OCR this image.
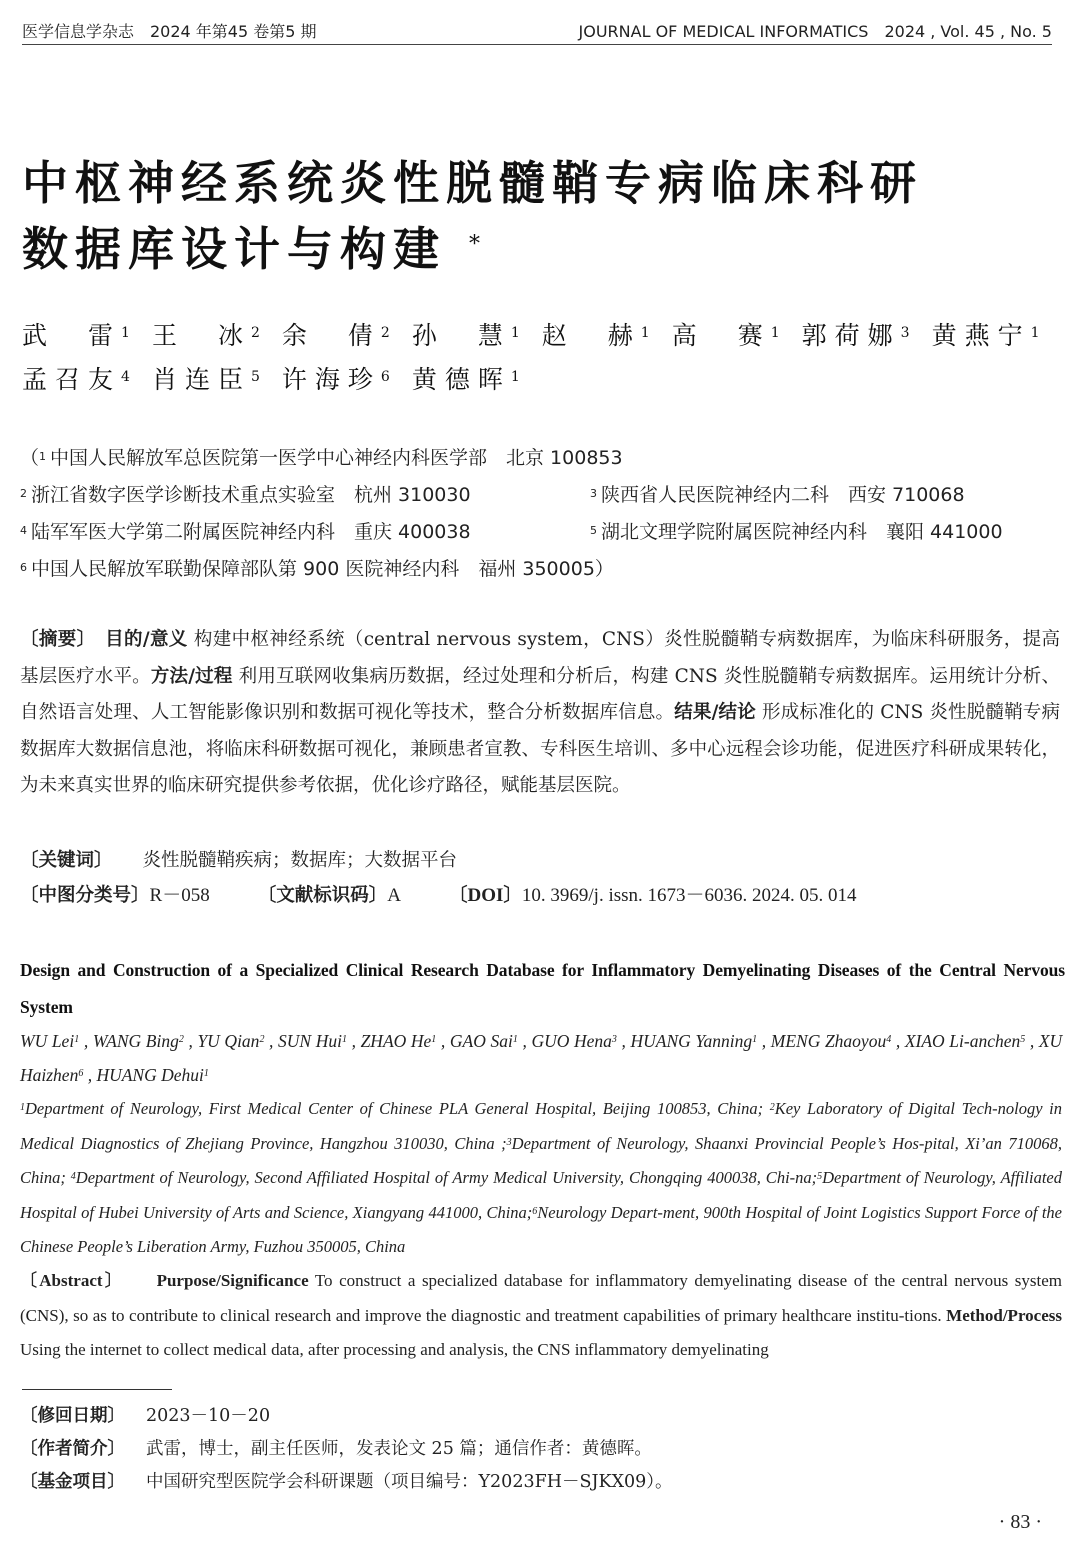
医学信息学杂志　2024 年第45 卷第5 期	JOURNAL OF MEDICAL INFORMATICS　2024 , Vol. 45 , No. 5
中枢神经系统炎性脱髓鞘专病临床科研
数据库设计与构建 *
武　雷$^1$ 王　冰$^2$ 余　倩$^2$ 孙　慧$^1$ 赵　赫$^1$ 高　赛$^1$ 郭荷娜$^3$ 黄燕宁$^1$
孟召友$^4$ 肖连臣$^5$ 许海珍$^6$ 黄德晖$^1$
（$^1$ 中国人民解放军总医院第一医学中心神经内科医学部　北京 100853
$^2$ 浙江省数字医学诊断技术重点实验室　杭州 310030	$^3$ 陕西省人民医院神经内二科　西安 710068
$^4$ 陆军军医大学第二附属医院神经内科　重庆 400038	$^5$ 湖北文理学院附属医院神经内科　襄阳 441000
$^6$ 中国人民解放军联勤保障部队第 900 医院神经内科　福州 350005）
〔摘要〕　 目的/意义 构建中枢神经系统（central nervous system，CNS）炎性脱髓鞘专病数据库，为临床科研服务，提高基层医疗水平。方法/过程 利用互联网收集病历数据，经过处理和分析后，构建 CNS 炎性脱髓鞘专病数据库。运用统计分析、自然语言处理、人工智能影像识别和数据可视化等技术，整合分析数据库信息。结果/结论 形成标准化的 CNS 炎性脱髓鞘专病数据库大数据信息池，将临床科研数据可视化，兼顾患者宣教、专科医生培训、多中心远程会诊功能，促进医疗科研成果转化，为未来真实世界的临床研究提供参考依据，优化诊疗路径，赋能基层医院。
〔关键词〕 炎性脱髓鞘疾病；数据库；大数据平台
〔中图分类号〕R－058	〔文献标识码〕A	〔DOI〕10. 3969/j. issn. 1673－6036. 2024. 05. 014
Design and Construction of a Specialized Clinical Research Database for Inflammatory Demyelinating Diseases of the Central Nervous System
WU Lei$^1$ , WANG Bing$^2$ , YU Qian$^2$ , SUN Hui$^1$ , ZHAO He$^1$ , GAO Sai$^1$ , GUO Hena$^3$ , HUANG Yanning$^1$ , MENG Zhaoyou$^4$ , XIAO Li-anchen$^5$ , XU Haizhen$^6$ , HUANG Dehui$^1$
$^1$Department of Neurology, First Medical Center of Chinese PLA General Hospital, Beijing 100853, China; $^2$Key Laboratory of Digital Tech-nology in Medical Diagnostics of Zhejiang Province, Hangzhou 310030, China ;$^3$Department of Neurology, Shaanxi Provincial People’s Hos-pital, Xi’an 710068, China; $^4$Department of Neurology, Second Affiliated Hospital of Army Medical University, Chongqing 400038, Chi-na;$^5$Department of Neurology, Affiliated Hospital of Hubei University of Arts and Science, Xiangyang 441000, China;$^6$Neurology Depart-ment, 900th Hospital of Joint Logistics Support Force of the Chinese People’s Liberation Army, Fuzhou 350005, China
〔Abstract〕 Purpose/Significance To construct a specialized database for inflammatory demyelinating disease of the central nervous system (CNS), so as to contribute to clinical research and improve the diagnostic and treatment capabilities of primary healthcare institu-tions. Method/Process Using the internet to collect medical data, after processing and analysis, the CNS inflammatory demyelinating
〔修回日期〕 2023－10－20
〔作者简介〕 武雷，博士，副主任医师，发表论文 25 篇；通信作者：黄德晖。
〔基金项目〕 中国研究型医院学会科研课题（项目编号：Y2023FH－SJKX09）。
· 83 ·
